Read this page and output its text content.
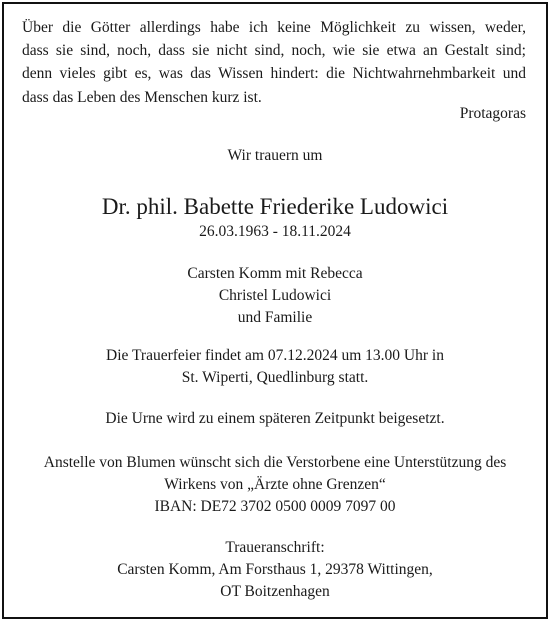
Über die Götter allerdings habe ich keine Möglichkeit zu wissen, weder,
dass sie sind, noch, dass sie nicht sind, noch, wie sie etwa an Gestalt sind;
denn vieles gibt es, was das Wissen hindert: die Nichtwahrnehmbarkeit und
dass das Leben des Menschen kurz ist.
Protagoras
Wir trauern um
Dr. phil. Babette Friederike Ludowici
26.03.1963 - 18.11.2024
Carsten Komm mit Rebecca
Christel Ludowici
und Familie
Die Trauerfeier findet am 07.12.2024 um 13.00 Uhr in
St. Wiperti, Quedlinburg statt.
Die Urne wird zu einem späteren Zeitpunkt beigesetzt.
Anstelle von Blumen wünscht sich die Verstorbene eine Unterstützung des
Wirkens von „Ärzte ohne Grenzen“
IBAN: DE72 3702 0500 0009 7097 00
Traueranschrift:
Carsten Komm, Am Forsthaus 1, 29378 Wittingen,
OT Boitzenhagen
